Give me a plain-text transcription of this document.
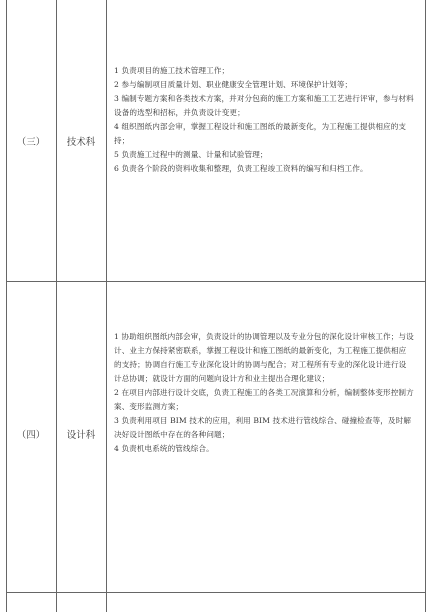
（三）	技术科

1 负责项目的施工技术管理工作；

2 参与编制项目质量计划、职业健康安全管理计划、环境保护计划等；

3 编制专题方案和各类技术方案，并对分包商的施工方案和施工工艺进行评审，参与材料设备的选型和招标，并负责设计变更；

4 组织图纸内部会审，掌握工程设计和施工图纸的最新变化，为工程施工提供相应的支持；

5 负责施工过程中的测量、计量和试验管理；

6 负责各个阶段的资料收集和整理，负责工程竣工资料的编写和归档工作。

（四）	设计科

1 协助组织图纸内部会审，负责设计的协调管理以及专业分包的深化设计审核工作；与设计、业主方保持紧密联系，掌握工程设计和施工图纸的最新变化，为工程施工提供相应的支持；协调自行施工专业深化设计的协调与配合；对工程所有专业的深化设计进行设计总协调；就设计方面的问题向设计方和业主提出合理化建议；

2 在项目内部进行设计交底，负责工程施工的各类工况演算和分析，编制整体变形控制方案、变形监测方案；

3 负责利用项目 BIM 技术的应用，利用 BIM 技术进行管线综合、碰撞检查等，及时解决好设计图纸中存在的各种问题；

4 负责机电系统的管线综合。
